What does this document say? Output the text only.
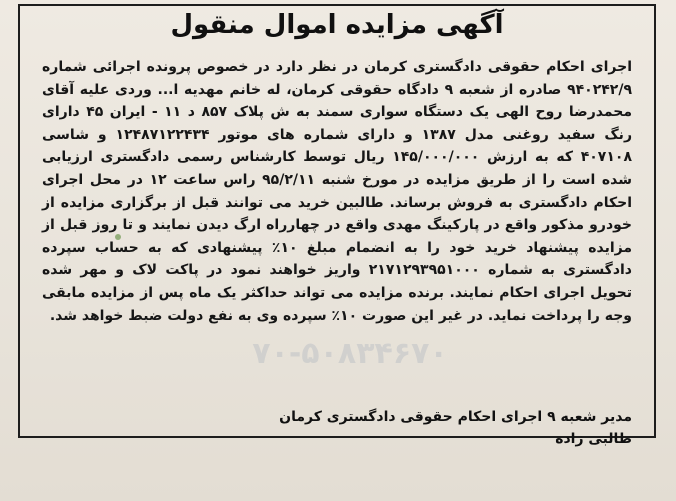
آگهی مزایده اموال منقول
اجرای احکام حقوقی دادگستری کرمان در نظر دارد در خصوص پرونده اجرائی شماره ۹۴۰۲۴۲/۹ صادره از شعبه ۹ دادگاه حقوقی کرمان، له خانم مهدیه ا... وردی علیه آقای محمدرضا روح الهی یک دستگاه سواری سمند به ش پلاک ۸۵۷ د ۱۱ - ایران ۴۵ دارای رنگ سفید روغنی مدل ۱۳۸۷ و دارای شماره های موتور ۱۲۴۸۷۱۲۲۴۳۴ و شاسی ۴۰۷۱۰۸ که به ارزش ۱۴۵/۰۰۰/۰۰۰ ریال توسط کارشناس رسمی دادگستری ارزیابی شده است را از طریق مزایده در مورخ شنبه ۹۵/۲/۱۱ راس ساعت ۱۲ در محل اجرای احکام دادگستری به فروش برساند. طالبین خرید می توانند قبل از برگزاری مزایده از خودرو مذکور واقع در پارکینگ مهدی واقع در چهارراه ارگ دیدن نمایند و تا روز قبل از مزایده پیشنهاد خرید خود را به انضمام مبلغ ۱۰٪ پیشنهادی که به حساب سپرده دادگستری به شماره ۲۱۷۱۲۹۳۹۵۱۰۰۰ واریز خواهند نمود در پاکت لاک و مهر شده تحویل اجرای احکام نمایند. برنده مزایده می تواند حداکثر یک ماه پس از مزایده مابقی وجه را پرداخت نماید. در غیر این صورت ۱۰٪ سپرده وی به نفع دولت ضبط خواهد شد.
۷۰-۵۰۸۳۴۶۷۰
مدیر شعبه ۹ اجرای احکام حقوقی دادگستری کرمان
طالبی زاده
